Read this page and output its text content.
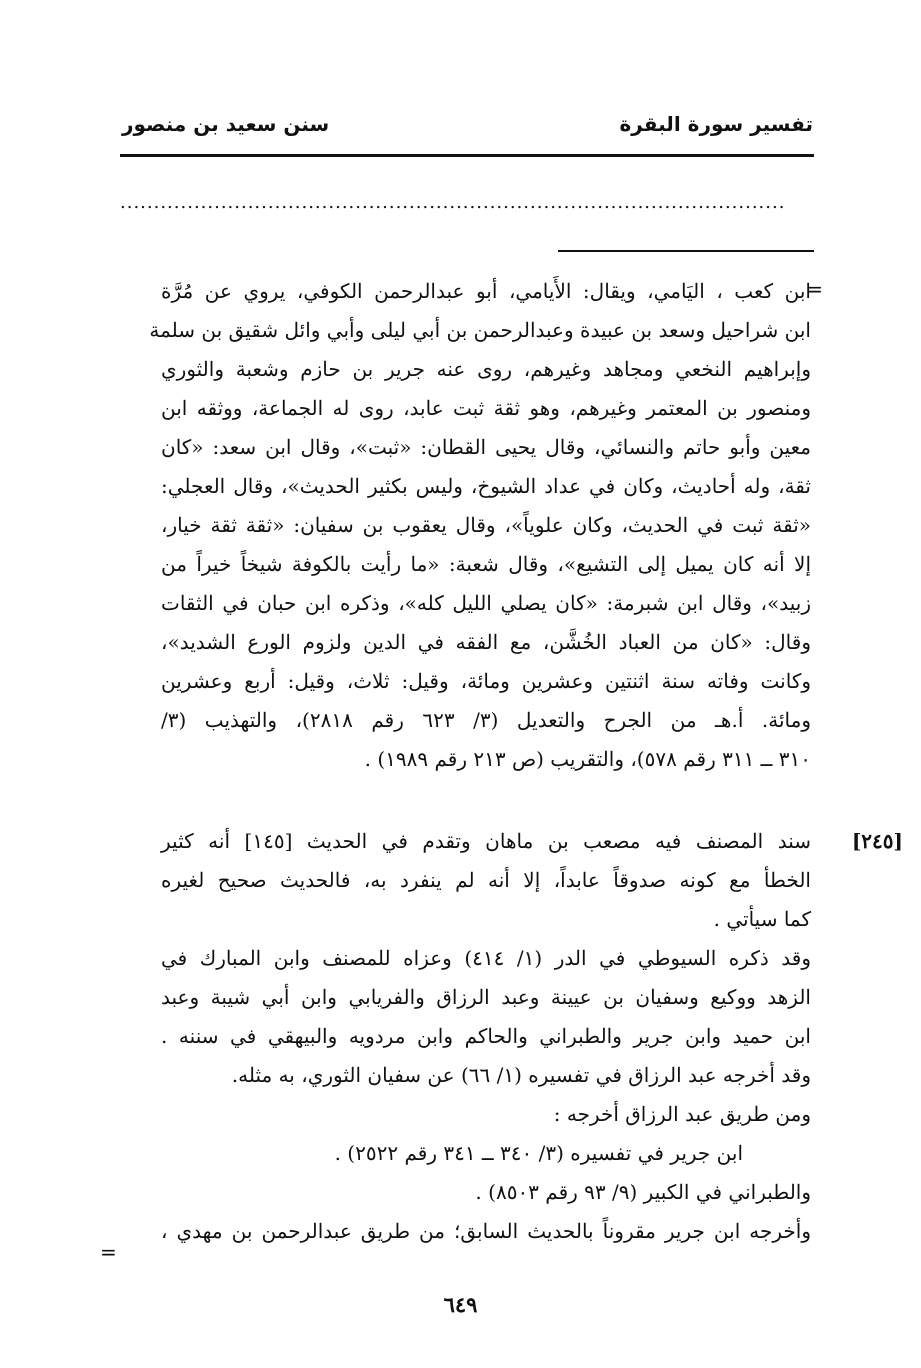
تفسير سورة البقرة
سنن سعيد بن منصور
...................................................................................................
=
ابن كعب ، اليَامي، ويقال: الأَيامي، أبو عبدالرحمن الكوفي، يروي عن مُرَّة
ابن شراحيل وسعد بن عبيدة وعبدالرحمن بن أبي ليلى وأبي وائل شقيق بن سلمة
وإبراهيم النخعي ومجاهد وغيرهم، روى عنه جرير بن حازم وشعبة والثوري
ومنصور بن المعتمر وغيرهم، وهو ثقة ثبت عابد، روى له الجماعة، ووثقه ابن
معين وأبو حاتم والنسائي، وقال يحيى القطان: «ثبت»، وقال ابن سعد: «كان
ثقة، وله أحاديث، وكان في عداد الشيوخ، وليس بكثير الحديث»، وقال العجلي:
«ثقة ثبت في الحديث، وكان علوياً»، وقال يعقوب بن سفيان: «ثقة ثقة خيار،
إلا أنه كان يميل إلى التشيع»، وقال شعبة: «ما رأيت بالكوفة شيخاً خيراً من
زبيد»، وقال ابن شبرمة: «كان يصلي الليل كله»، وذكره ابن حبان في الثقات
وقال: «كان من العباد الخُشَّن، مع الفقه في الدين ولزوم الورع الشديد»،
وكانت وفاته سنة اثنتين وعشرين ومائة، وقيل: ثلاث، وقيل: أربع وعشرين
ومائة. أ.هـ من الجرح والتعديل (٣/ ٦٢٣ رقم ٢٨١٨)، والتهذيب (٣/
٣١٠ ــ ٣١١ رقم ٥٧٨)، والتقريب (ص ٢١٣ رقم ١٩٨٩) .
[٢٤٥]
سند المصنف فيه مصعب بن ماهان وتقدم في الحديث [١٤٥] أنه كثير
الخطأ مع كونه صدوقاً عابداً، إلا أنه لم ينفرد به، فالحديث صحيح لغيره
كما سيأتي .
وقد ذكره السيوطي في الدر (١/ ٤١٤) وعزاه للمصنف وابن المبارك في
الزهد ووكيع وسفيان بن عيينة وعبد الرزاق والفريابي وابن أبي شيبة وعبد
ابن حميد وابن جرير والطبراني والحاكم وابن مردويه والبيهقي في سننه .
وقد أخرجه عبد الرزاق في تفسيره (١/ ٦٦) عن سفيان الثوري، به مثله.
ومن طريق عبد الرزاق أخرجه :
ابن جرير في تفسيره (٣/ ٣٤٠ ــ ٣٤١ رقم ٢٥٢٢) .
والطبراني في الكبير (٩/ ٩٣ رقم ٨٥٠٣) .
وأخرجه ابن جرير مقروناً بالحديث السابق؛ من طريق عبدالرحمن بن مهدي ،
=
٦٤٩
